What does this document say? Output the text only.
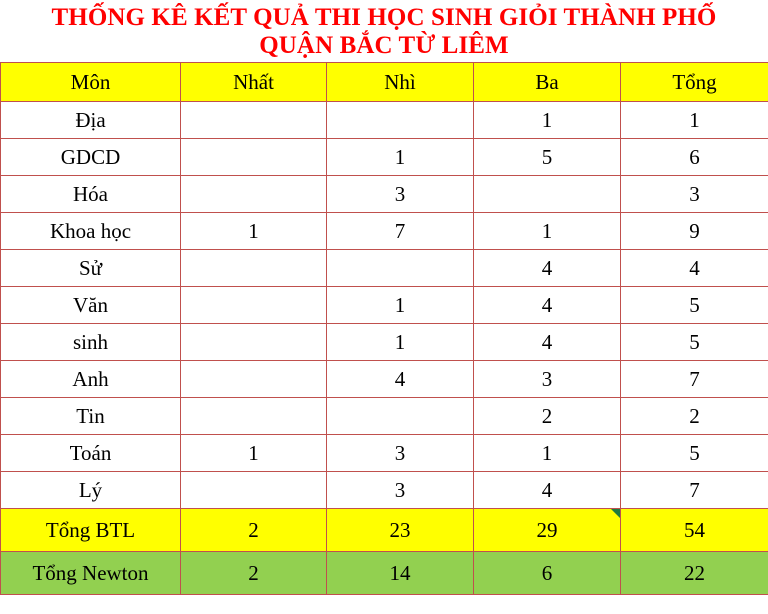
THỐNG KÊ KẾT QUẢ THI HỌC SINH GIỎI THÀNH PHỐ
QUẬN BẮC TỪ LIÊM
Môn	Nhất	Nhì	Ba	Tổng
Địa			1	1
GDCD		1	5	6
Hóa		3		3
Khoa học	1	7	1	9
Sử			4	4
Văn		1	4	5
sinh		1	4	5
Anh		4	3	7
Tin			2	2
Toán	1	3	1	5
Lý		3	4	7
Tổng BTL	2	23	29	54
Tổng Newton	2	14	6	22
